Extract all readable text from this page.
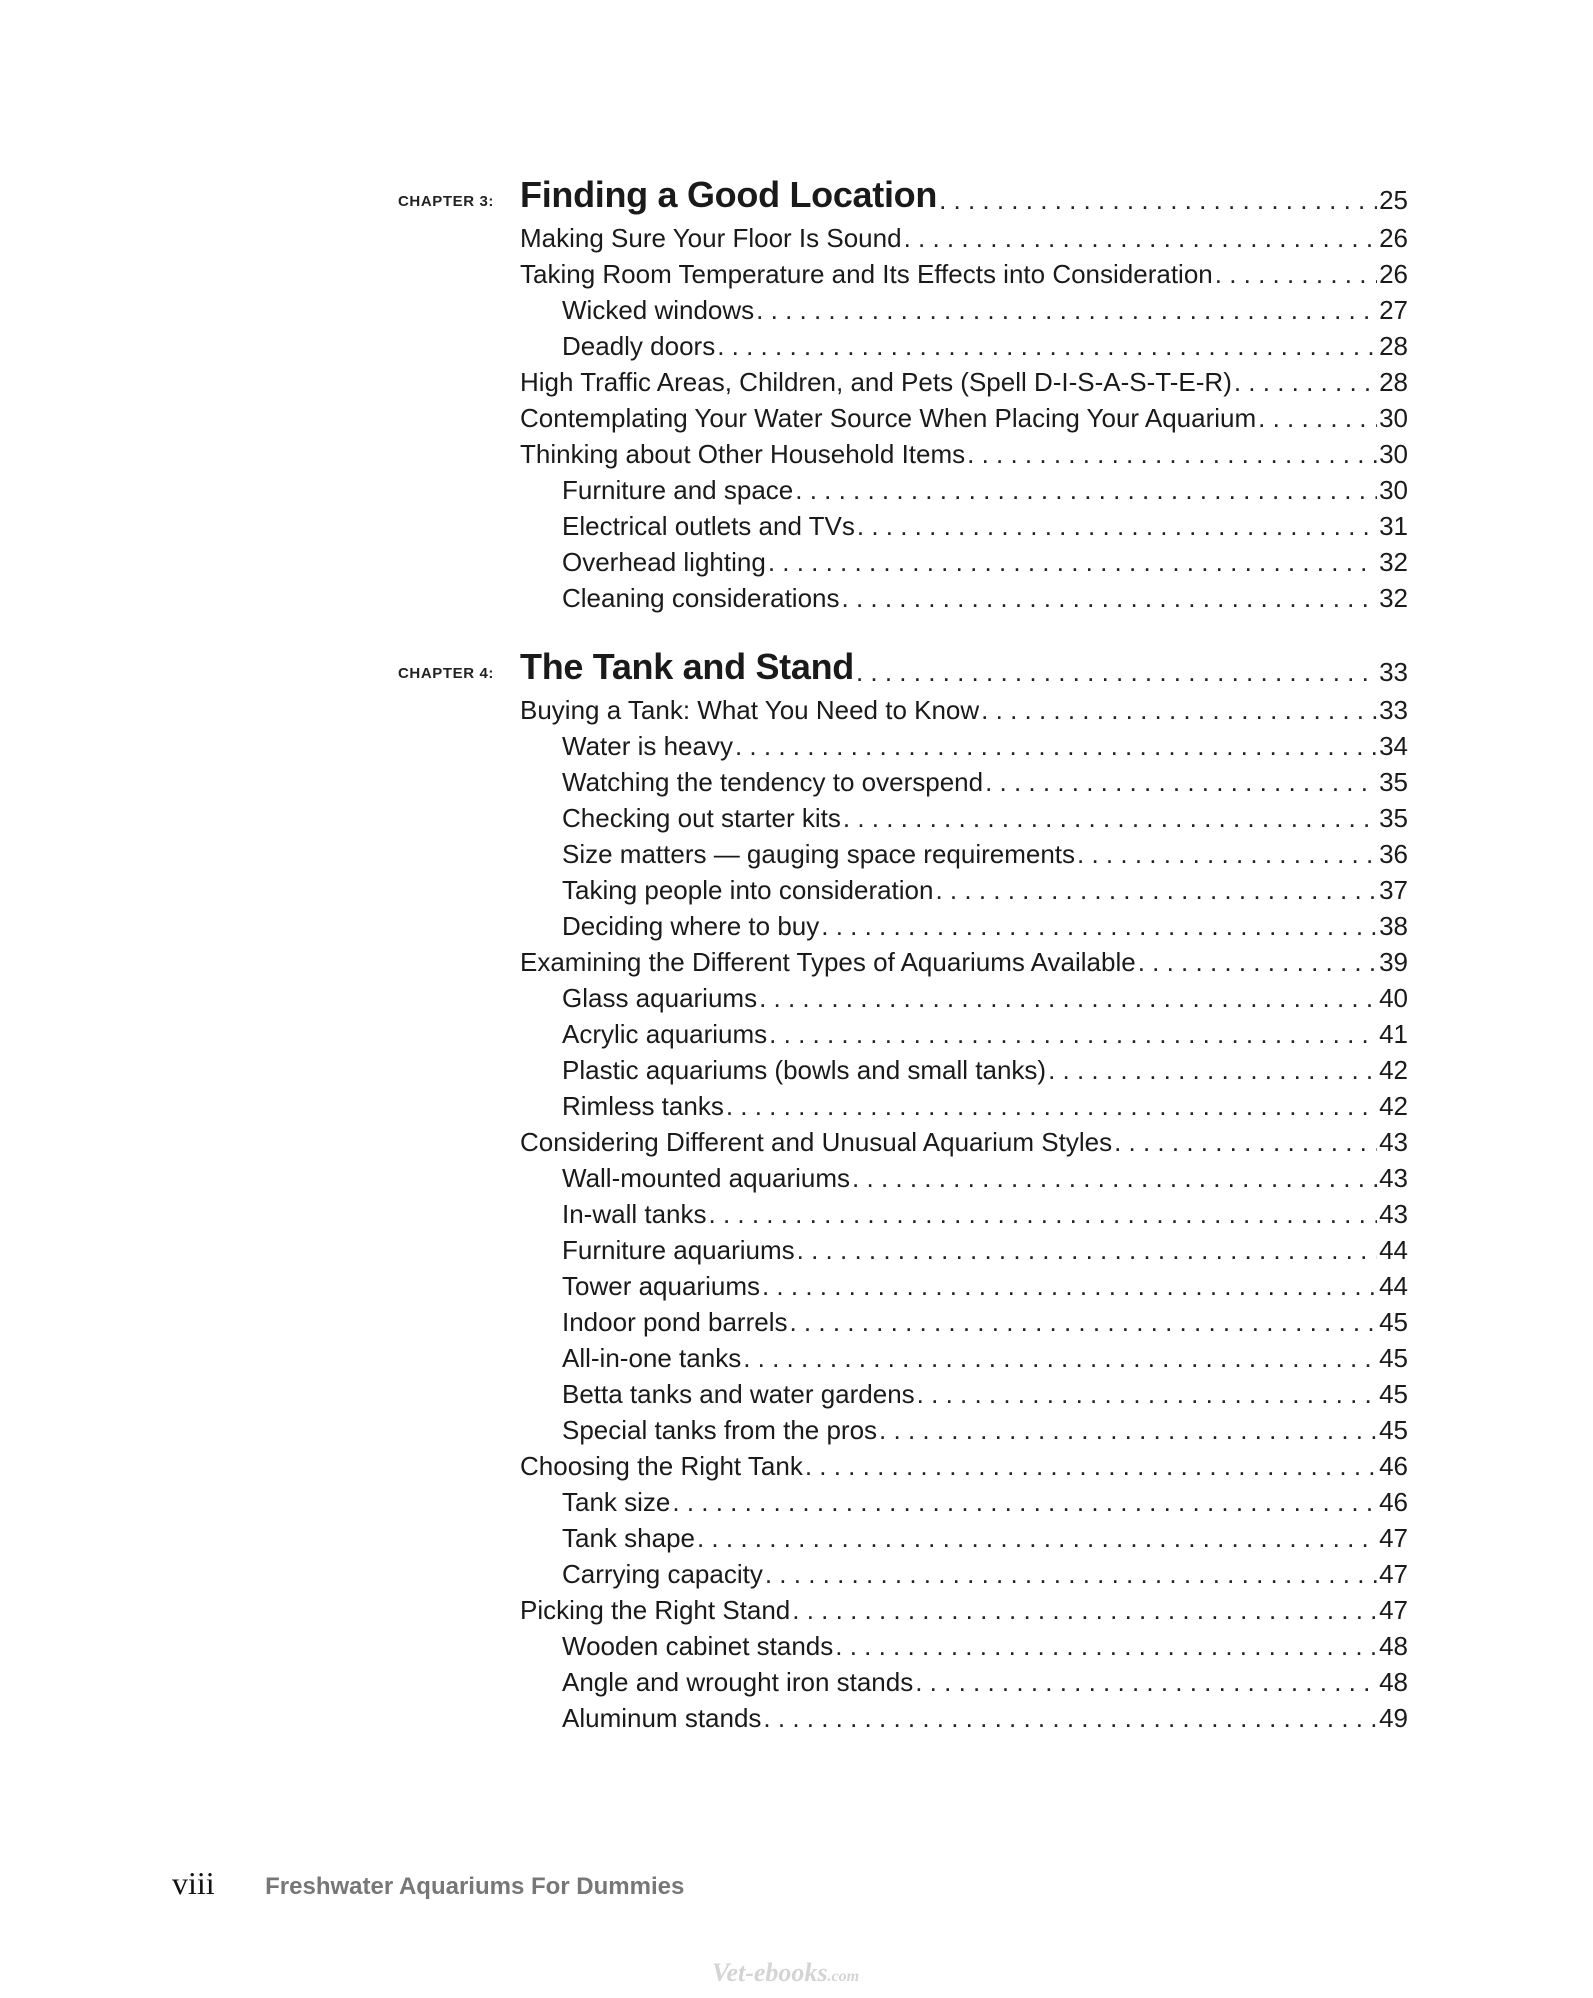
CHAPTER 3: Finding a Good Location . . .	25
Making Sure Your Floor Is Sound . . .	26
Taking Room Temperature and Its Effects into Consideration . . .	26
Wicked windows . . .	27
Deadly doors . . .	28
High Traffic Areas, Children, and Pets (Spell D-I-S-A-S-T-E-R) . . .	28
Contemplating Your Water Source When Placing Your Aquarium . . .	30
Thinking about Other Household Items . . .	30
Furniture and space . . .	30
Electrical outlets and TVs . . .	31
Overhead lighting . . .	32
Cleaning considerations . . .	32
CHAPTER 4: The Tank and Stand . . .	33
Buying a Tank: What You Need to Know . . .	33
Water is heavy . . .	34
Watching the tendency to overspend . . .	35
Checking out starter kits . . .	35
Size matters — gauging space requirements . . .	36
Taking people into consideration . . .	37
Deciding where to buy . . .	38
Examining the Different Types of Aquariums Available . . .	39
Glass aquariums . . .	40
Acrylic aquariums . . .	41
Plastic aquariums (bowls and small tanks) . . .	42
Rimless tanks . . .	42
Considering Different and Unusual Aquarium Styles . . .	43
Wall-mounted aquariums . . .	43
In-wall tanks . . .	43
Furniture aquariums . . .	44
Tower aquariums . . .	44
Indoor pond barrels . . .	45
All-in-one tanks . . .	45
Betta tanks and water gardens . . .	45
Special tanks from the pros . . .	45
Choosing the Right Tank . . .	46
Tank size . . .	46
Tank shape . . .	47
Carrying capacity . . .	47
Picking the Right Stand . . .	47
Wooden cabinet stands . . .	48
Angle and wrought iron stands . . .	48
Aluminum stands . . .	49
viii Freshwater Aquariums For Dummies
Vet-ebooks.com
